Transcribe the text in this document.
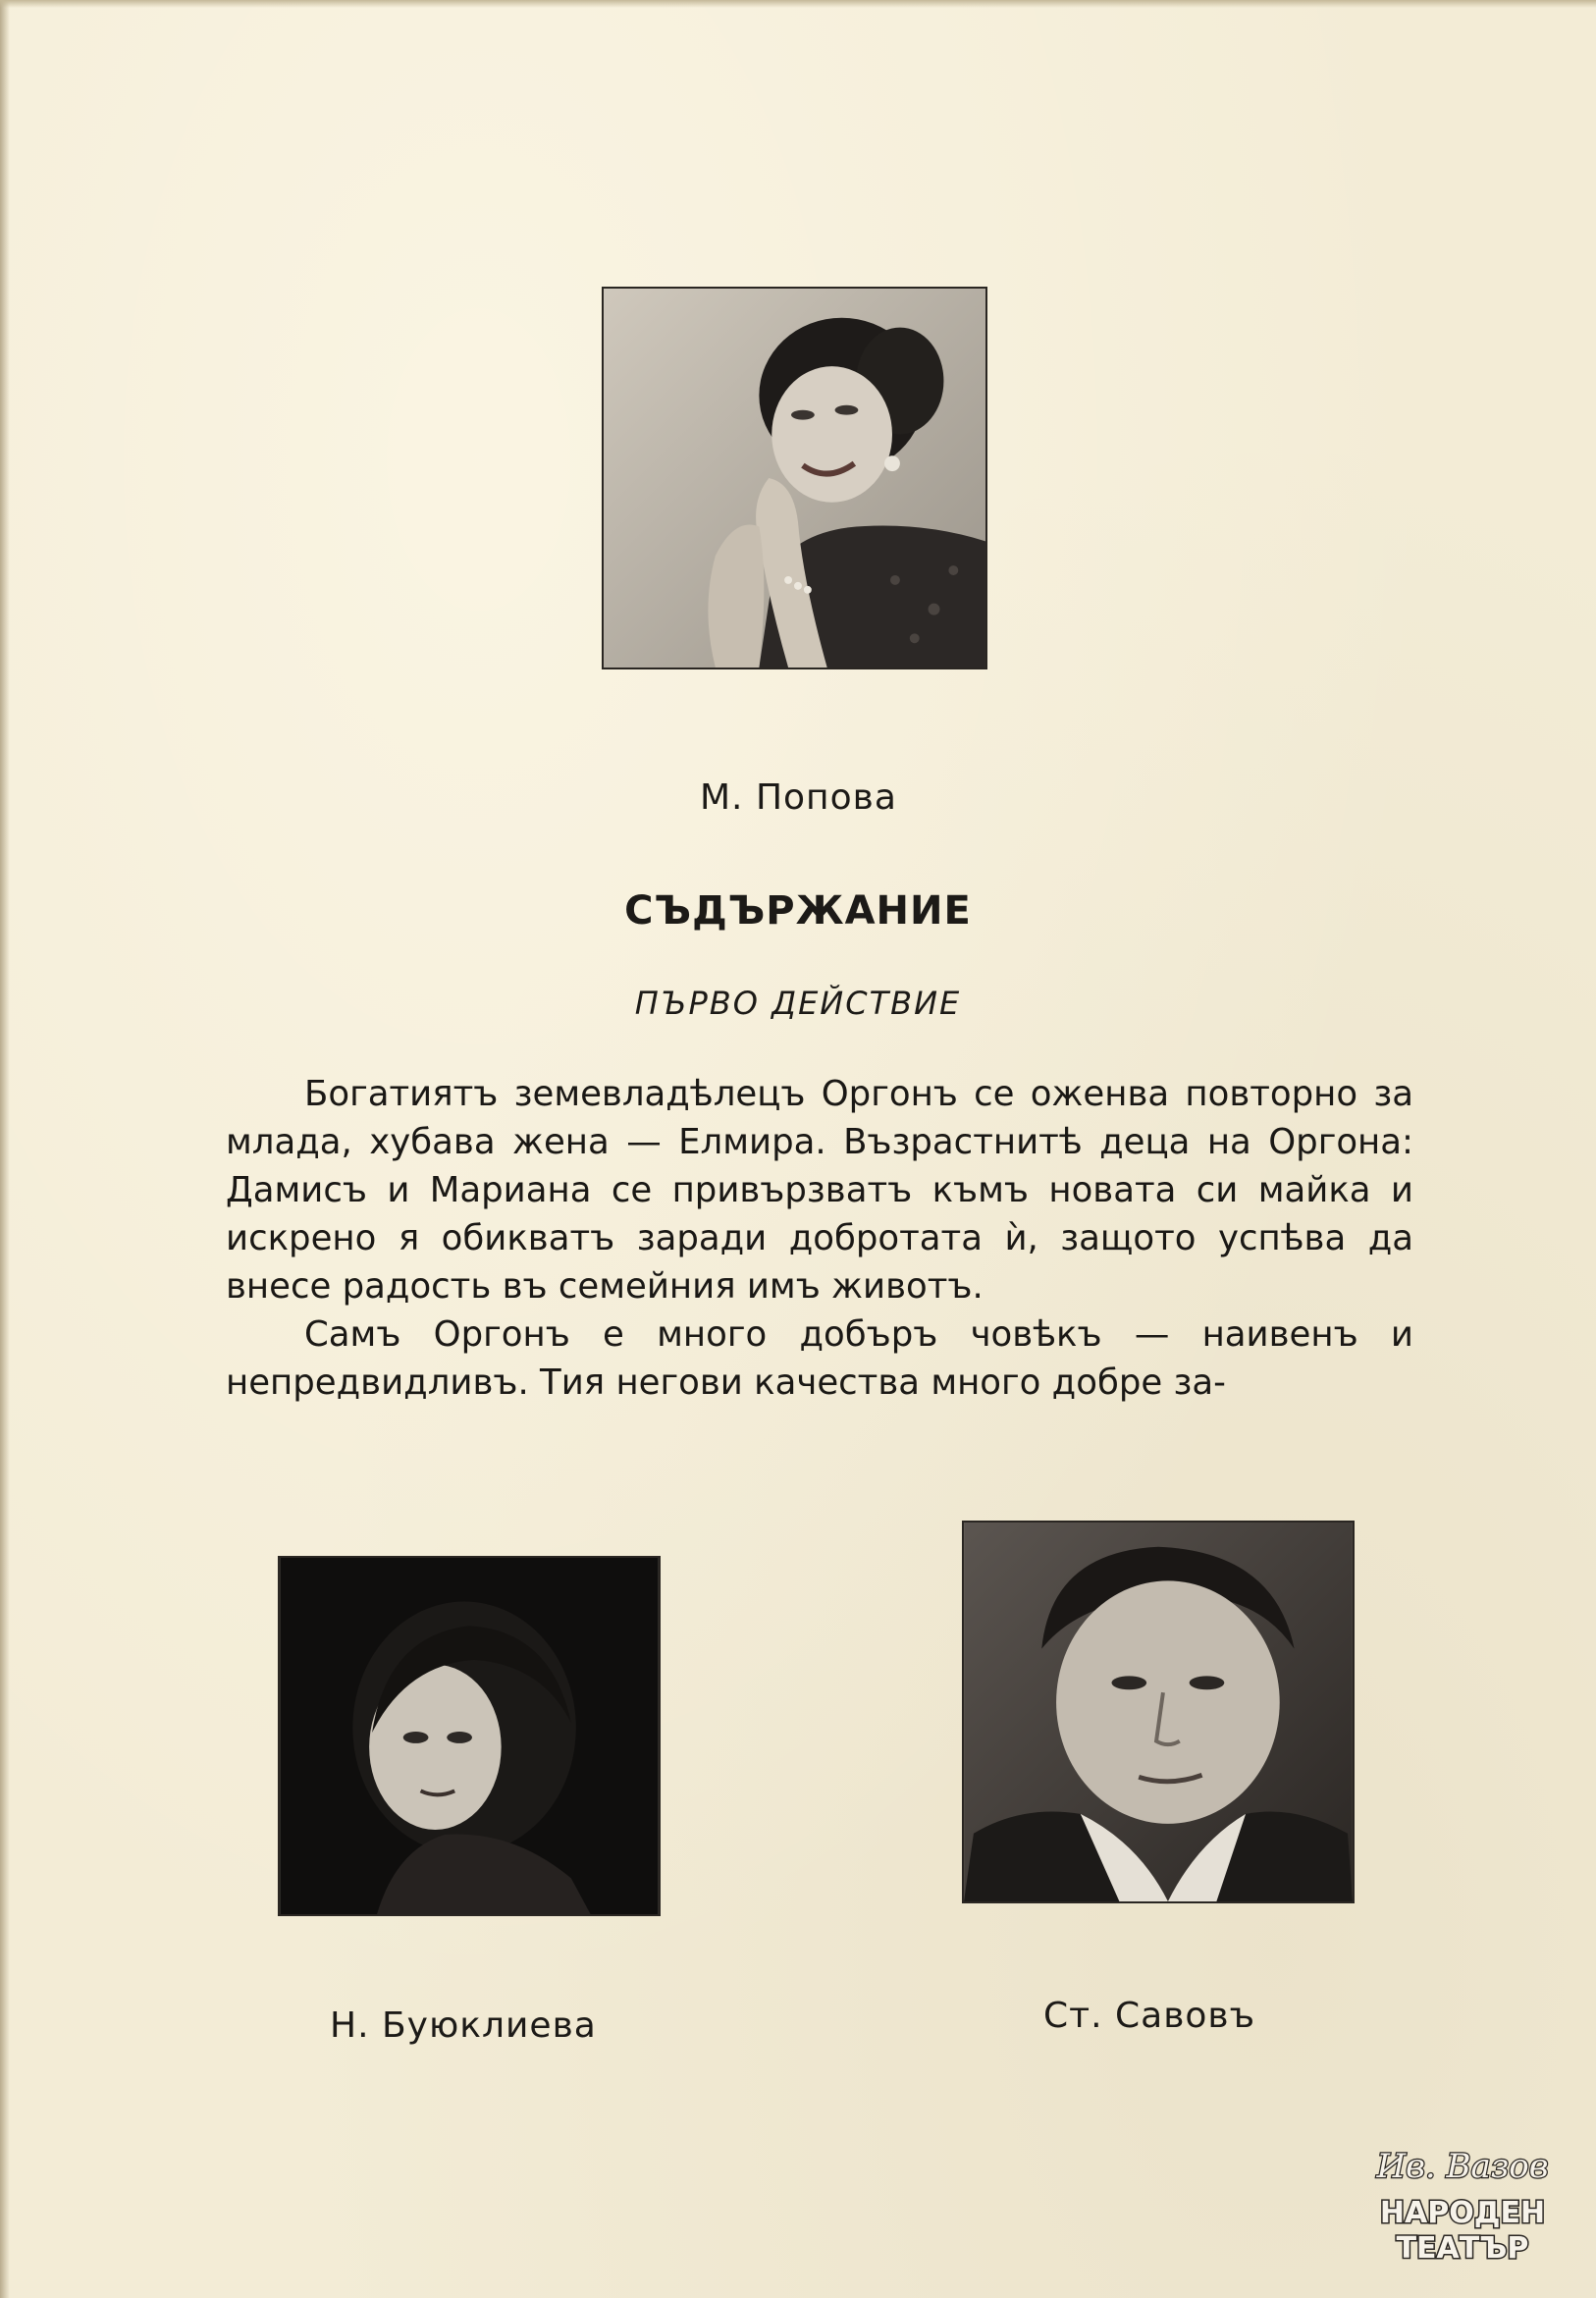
М. Попова
СЪДЪРЖАНИЕ
ПЪРВО ДЕЙСТВИЕ

Богатиятъ земевладѣлецъ Оргонъ се оженва повторно за млада, хубава жена — Елмира. Възрастнитѣ деца на Оргона: Дамисъ и Мариана се привързватъ къмъ новата си майка и искрено я обикватъ заради добротата ѝ, защото успѣва да внесе радость въ семейния имъ животъ.

Самъ Оргонъ е много добъръ човѣкъ — наивенъ и непредвидливъ. Тия негови качества много добре за-

Н. Буюклиева	Ст. Савовъ
Ив. Вазов
НАРОДЕН
ТЕАТЪР
